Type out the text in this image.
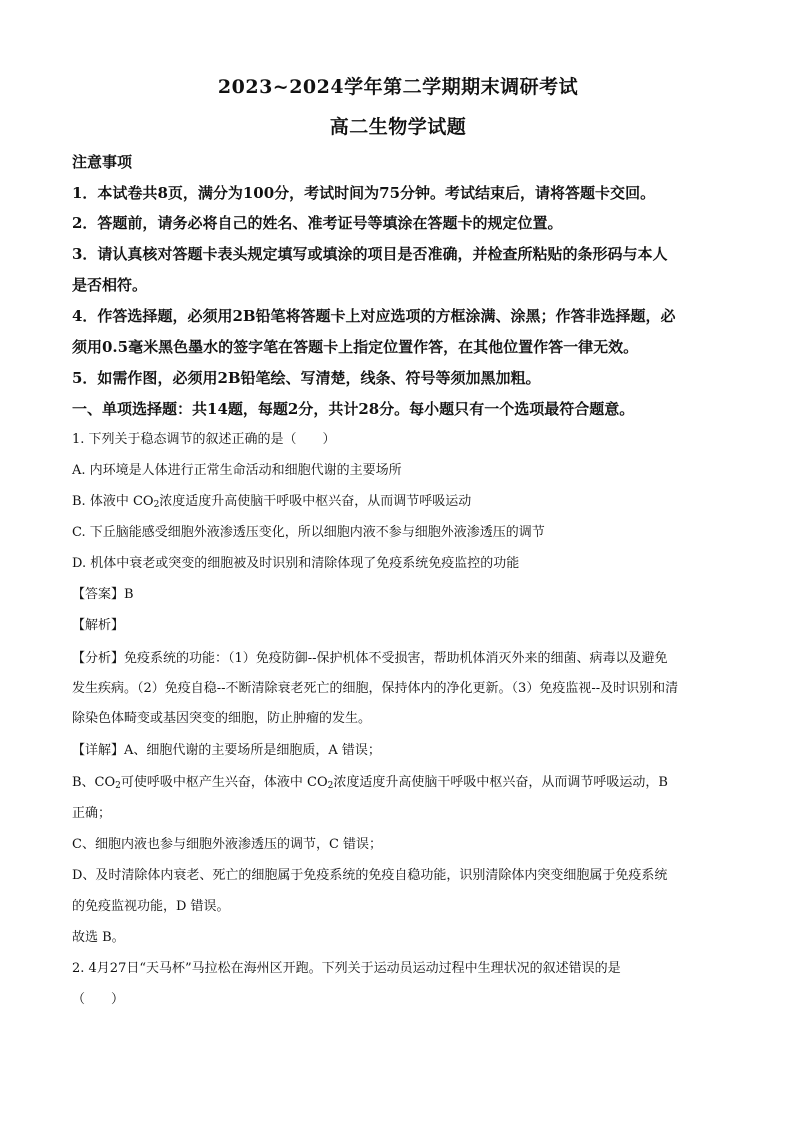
2023~2024学年第二学期期末调研考试
高二生物学试题
注意事项
1．本试卷共8页，满分为100分，考试时间为75分钟。考试结束后，请将答题卡交回。
2．答题前，请务必将自己的姓名、准考证号等填涂在答题卡的规定位置。
3．请认真核对答题卡表头规定填写或填涂的项目是否准确，并检查所粘贴的条形码与本人
是否相符。
4．作答选择题，必须用2B铅笔将答题卡上对应选项的方框涂满、涂黑；作答非选择题，必
须用0.5毫米黑色墨水的签字笔在答题卡上指定位置作答，在其他位置作答一律无效。
5．如需作图，必须用2B铅笔绘、写清楚，线条、符号等须加黑加粗。
一、单项选择题：共14题，每题2分，共计28分。每小题只有一个选项最符合题意。
1. 下列关于稳态调节的叙述正确的是（　　）
A. 内环境是人体进行正常生命活动和细胞代谢的主要场所
B. 体液中 $CO_2$浓度适度升高使脑干呼吸中枢兴奋，从而调节呼吸运动
C. 下丘脑能感受细胞外液渗透压变化，所以细胞内液不参与细胞外液渗透压的调节
D. 机体中衰老或突变的细胞被及时识别和清除体现了免疫系统免疫监控的功能
【答案】B
【解析】
【分析】免疫系统的功能：（1）免疫防御--保护机体不受损害，帮助机体消灭外来的细菌、病毒以及避免
发生疾病。（2）免疫自稳--不断清除衰老死亡的细胞，保持体内的净化更新。（3）免疫监视--及时识别和清
除染色体畸变或基因突变的细胞，防止肿瘤的发生。
【详解】A、细胞代谢的主要场所是细胞质，A 错误；
B、$CO_2$可使呼吸中枢产生兴奋，体液中 $CO_2$浓度适度升高使脑干呼吸中枢兴奋，从而调节呼吸运动，B
正确；
C、细胞内液也参与细胞外液渗透压的调节，C 错误；
D、及时清除体内衰老、死亡的细胞属于免疫系统的免疫自稳功能，识别清除体内突变细胞属于免疫系统
的免疫监视功能，D 错误。
故选 B。
2. 4月27日“天马杯”马拉松在海州区开跑。下列关于运动员运动过程中生理状况的叙述错误的是
（　　）
